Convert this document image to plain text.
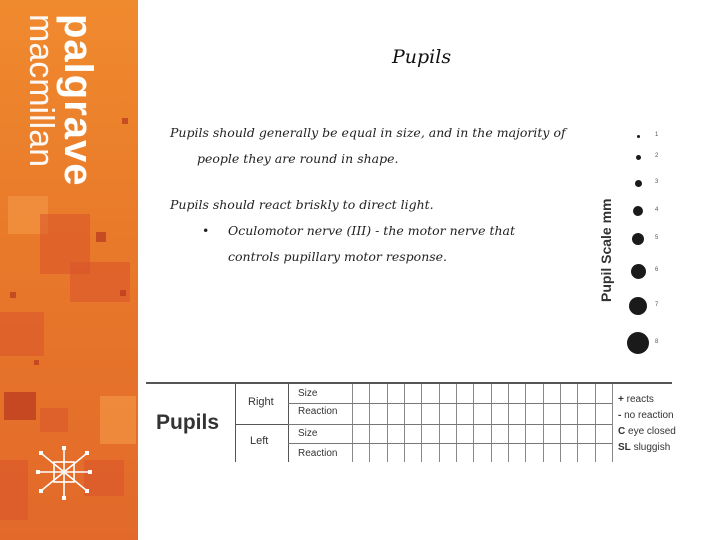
palgrave
macmillan	Pupils

Pupils should generally be equal in size, and in the majority of
people they are round in shape.

Pupils should react briskly to direct light.

• Oculomotor nerve (III) - the motor nerve that
controls pupillary motor response.	Pupil Scale mm
1
2
3
4
5
6
7
8
Pupils
Right
Left
Size
Reaction
Size
Reaction
+ reacts
- no reaction
C eye closed
SL sluggish
